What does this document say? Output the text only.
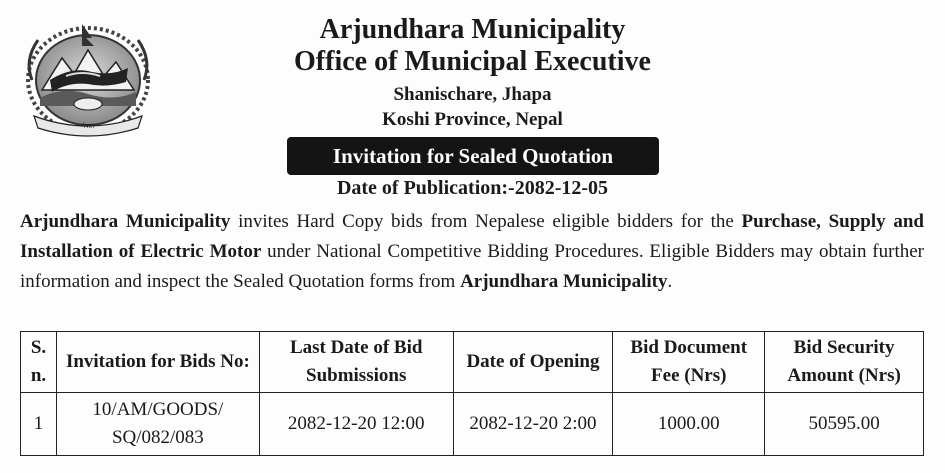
नेपाल
Arjundhara Municipality
Office of Municipal Executive
Shanischare, Jhapa
Koshi Province, Nepal
Invitation for Sealed Quotation
Date of Publication:-2082-12-05
Arjundhara Municipality invites Hard Copy bids from Nepalese eligible bidders for the Purchase, Supply and Installation of Electric Motor under National Competitive Bidding Procedures. Eligible Bidders may obtain further information and inspect the Sealed Quotation forms from Arjundhara Municipality.
S. n.	Invitation for Bids No:	Last Date of Bid Submissions	Date of Opening	Bid Document Fee (Nrs)	Bid Security Amount (Nrs)
1	10/AM/GOODS/ SQ/082/083	2082-12-20 12:00	2082-12-20 2:00	1000.00	50595.00
